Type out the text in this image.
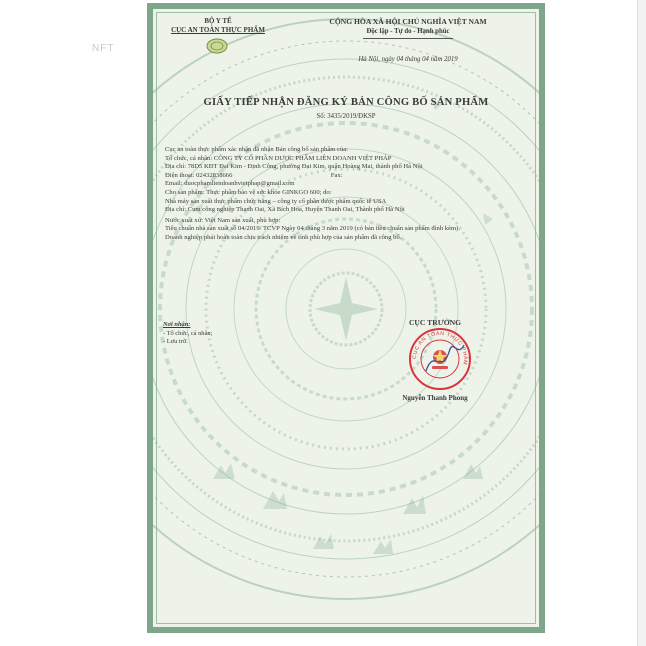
NFT
BỘ Y TẾ
CỤC AN TOÀN THỰC PHẨM
CỘNG HÒA XÃ HỘI CHỦ NGHĨA VIỆT NAM
Độc lập - Tự do - Hạnh phúc
Hà Nội, ngày 04 tháng 04 năm 2019
GIẤY TIẾP NHẬN ĐĂNG KÝ BẢN CÔNG BỐ SẢN PHẨM
Số: 3435/2019/ĐKSP

Cục an toàn thực phẩm xác nhận đã nhận Bản công bố sản phẩm của:

Tổ chức, cá nhân: CÔNG TY CỔ PHẦN DƯỢC PHẨM LIÊN DOANH VIỆT PHÁP

Địa chỉ: 78D5 KĐT Đại Kim - Định Công, phường Đại Kim, quận Hoàng Mai, thành phố Hà Nội

Điện thoại: 02432838666	Fax:

Email: duocphamliendoanhvietphap@gmail.com

Cho sản phẩm: Thực phẩm bảo vệ sức khỏe GINKGO 600; do:

Nhà máy sản xuất thực phẩm chức năng – công ty cổ phần dược phẩm quốc tế USA

Địa chỉ: Cụm công nghiệp Thanh Oai, Xã Bích Hòa, Huyện Thanh Oai, Thành phố Hà Nội

Nước xuất xứ: Việt Nam sản xuất, phù hợp:

Tiêu chuẩn nhà sản xuất số 04/2019/ TCVP Ngày 04 tháng 3 năm 2019 (có bản tiêu chuẩn sản phẩm đính kèm).

Doanh nghiệp phải hoàn toàn chịu trách nhiệm về tính phù hợp của sản phẩm đã công bố.

Nơi nhận:
- Tổ chức, cá nhân;
- Lưu trữ.
CỤC TRƯỞNG
CỤC AN TOÀN THỰC PHẨM
Nguyễn Thanh Phong
